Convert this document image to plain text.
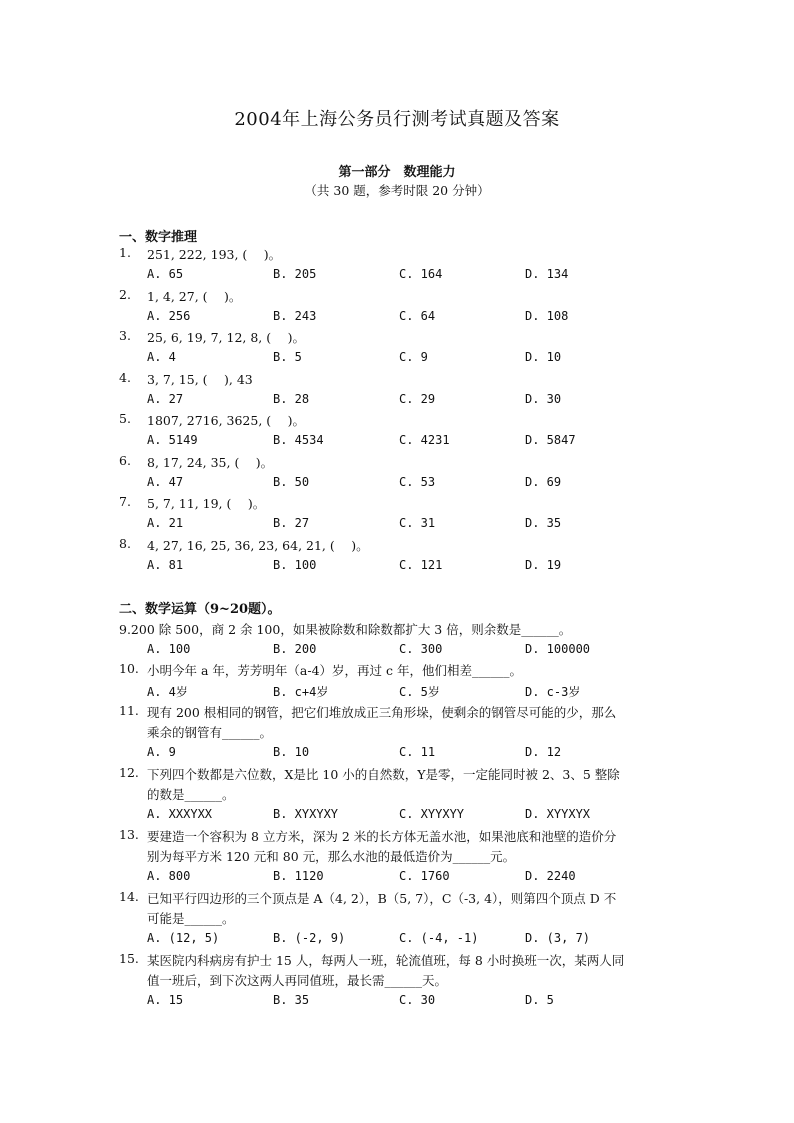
2004年上海公务员行测考试真题及答案
第一部分　数理能力
（共 30 题，参考时限 20 分钟）
一、数字推理
1. 251, 222, 193, (　 )。
A. 65	B. 205	C. 164	D. 134
2. 1, 4, 27, (　 )。
A. 256	B. 243	C. 64	D. 108
3. 25, 6, 19, 7, 12, 8, (　 )。
A. 4	B. 5	C. 9	D. 10
4. 3, 7, 15, (　 ), 43
A. 27	B. 28	C. 29	D. 30
5. 1807, 2716, 3625, (　 )。
A. 5149	B. 4534	C. 4231	D. 5847
6. 8, 17, 24, 35, (　 )。
A. 47	B. 50	C. 53	D. 69
7. 5, 7, 11, 19, (　 )。
A. 21	B. 27	C. 31	D. 35
8. 4, 27, 16, 25, 36, 23, 64, 21, (　 )。
A. 81	B. 100	C. 121	D. 19
二、数学运算（9~20题）。
9.200 除 500，商 2 余 100，如果被除数和除数都扩大 3 倍，则余数是______。
A. 100	B. 200	C. 300	D. 100000
10. 小明今年 a 年，芳芳明年（a-4）岁，再过 c 年，他们相差______。
A. 4岁	B. c+4岁	C. 5岁	D. c-3岁
11. 现有 200 根相同的钢管，把它们堆放成正三角形垛，使剩余的钢管尽可能的少，那么
乘余的钢管有______。
A. 9	B. 10	C. 11	D. 12
12. 下列四个数都是六位数，X是比 10 小的自然数，Y是零，一定能同时被 2、3、5 整除
的数是______。
A. XXXYXX	B. XYXYXY	C. XYYXYY	D. XYYXYX
13. 要建造一个容积为 8 立方米，深为 2 米的长方体无盖水池，如果池底和池壁的造价分
别为每平方米 120 元和 80 元，那么水池的最低造价为______元。
A. 800	B. 1120	C. 1760	D. 2240
14. 已知平行四边形的三个顶点是 A（4, 2），B（5, 7），C（-3, 4），则第四个顶点 D 不
可能是______。
A. (12, 5)	B. (-2, 9)	C. (-4, -1)	D. (3, 7)
15. 某医院内科病房有护士 15 人，每两人一班，轮流值班，每 8 小时换班一次，某两人同
值一班后，到下次这两人再同值班，最长需______天。
A. 15	B. 35	C. 30	D. 5
